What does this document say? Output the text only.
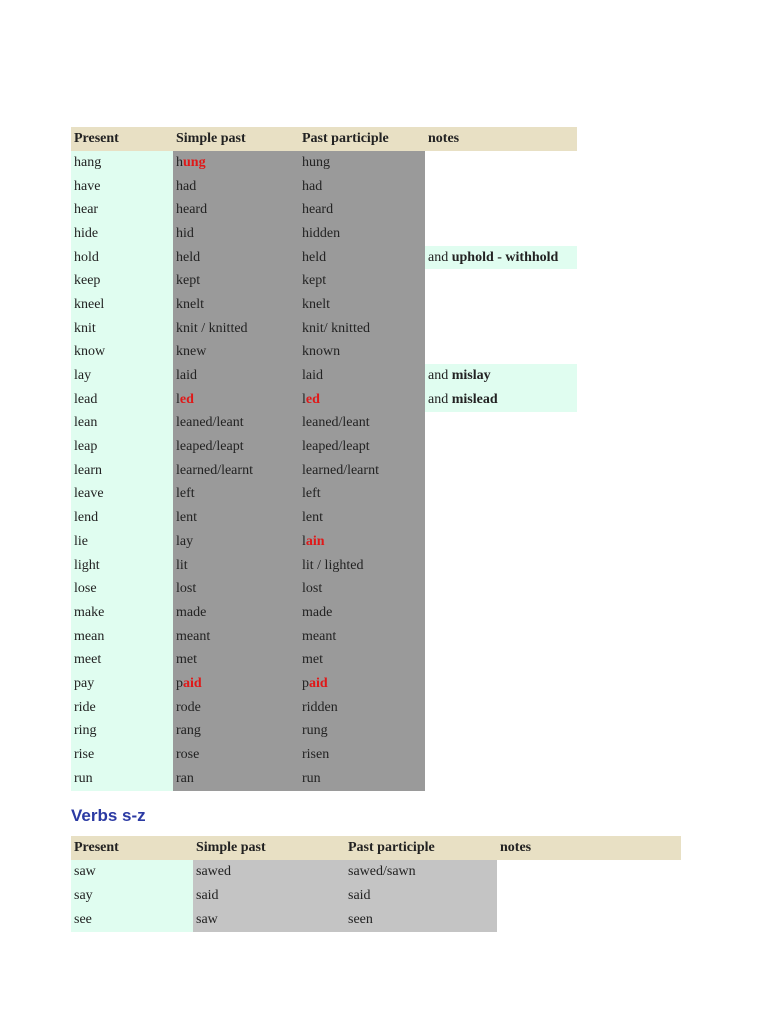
Present	Simple past	Past participle	notes
hang	hung	hung	
have	had	had	
hear	heard	heard	
hide	hid	hidden	
hold	held	held	and uphold - withhold
keep	kept	kept	
kneel	knelt	knelt	
knit	knit / knitted	knit/ knitted	
know	knew	known	
lay	laid	laid	and mislay
lead	led	led	and mislead
lean	leaned/leant	leaned/leant	
leap	leaped/leapt	leaped/leapt	
learn	learned/learnt	learned/learnt	
leave	left	left	
lend	lent	lent	
lie	lay	lain	
light	lit	lit / lighted	
lose	lost	lost	
make	made	made	
mean	meant	meant	
meet	met	met	
pay	paid	paid	
ride	rode	ridden	
ring	rang	rung	
rise	rose	risen	
run	ran	run	
Verbs s-z
Present	Simple past	Past participle	notes
saw	sawed	sawed/sawn	
say	said	said	
see	saw	seen	
